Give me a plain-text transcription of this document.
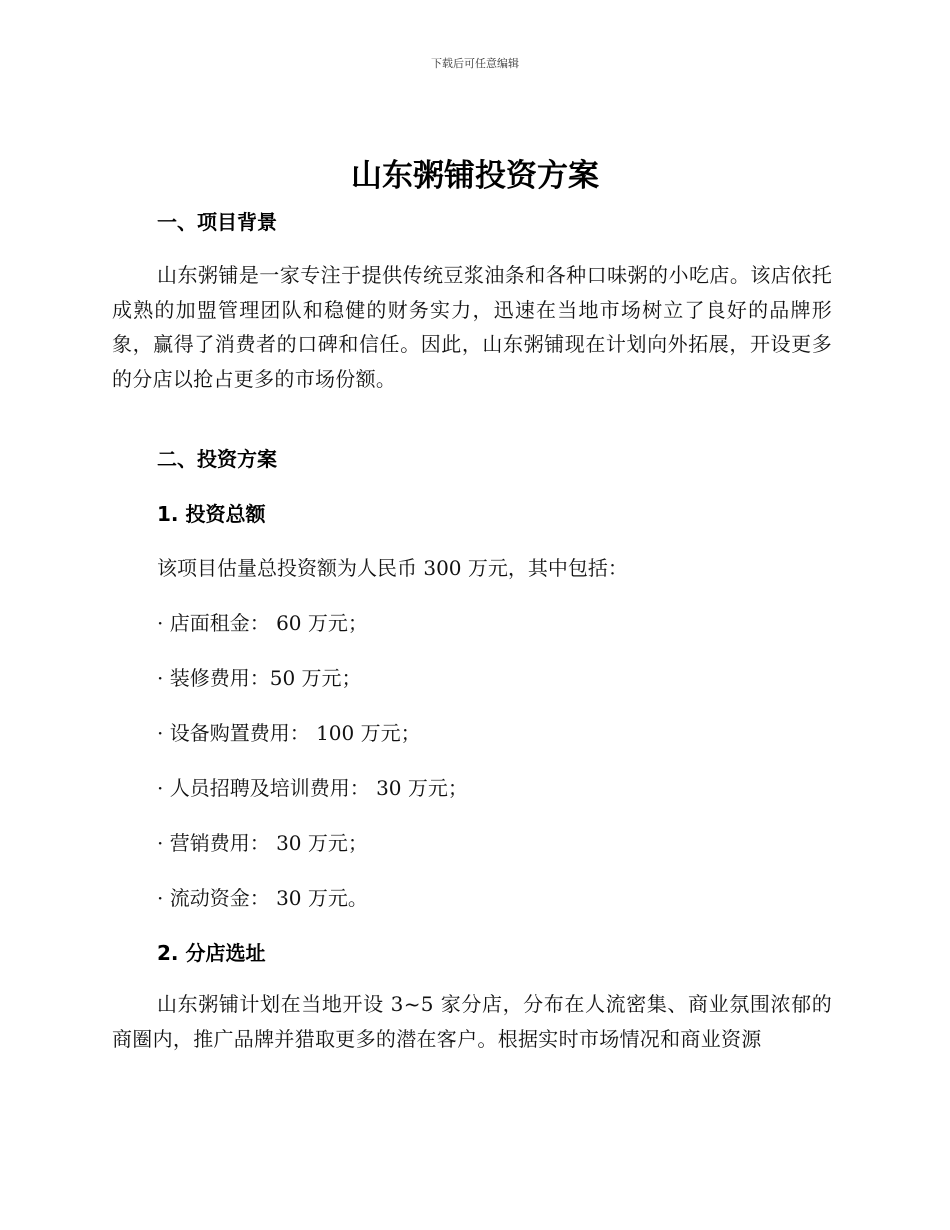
下载后可任意编辑
山东粥铺投资方案
一、项目背景
山东粥铺是一家专注于提供传统豆浆油条和各种口味粥的小吃店。该店依托成熟的加盟管理团队和稳健的财务实力，迅速在当地市场树立了良好的品牌形象，赢得了消费者的口碑和信任。因此，山东粥铺现在计划向外拓展，开设更多的分店以抢占更多的市场份额。
二、投资方案
1. 投资总额
该项目估量总投资额为人民币 300 万元，其中包括：
· 店面租金： 60 万元；
· 装修费用：50 万元；
· 设备购置费用： 100 万元；
· 人员招聘及培训费用： 30 万元；
· 营销费用： 30 万元；
· 流动资金： 30 万元。
2. 分店选址
山东粥铺计划在当地开设 3~5 家分店，分布在人流密集、商业氛围浓郁的商圈内，推广品牌并猎取更多的潜在客户。根据实时市场情况和商业资源
